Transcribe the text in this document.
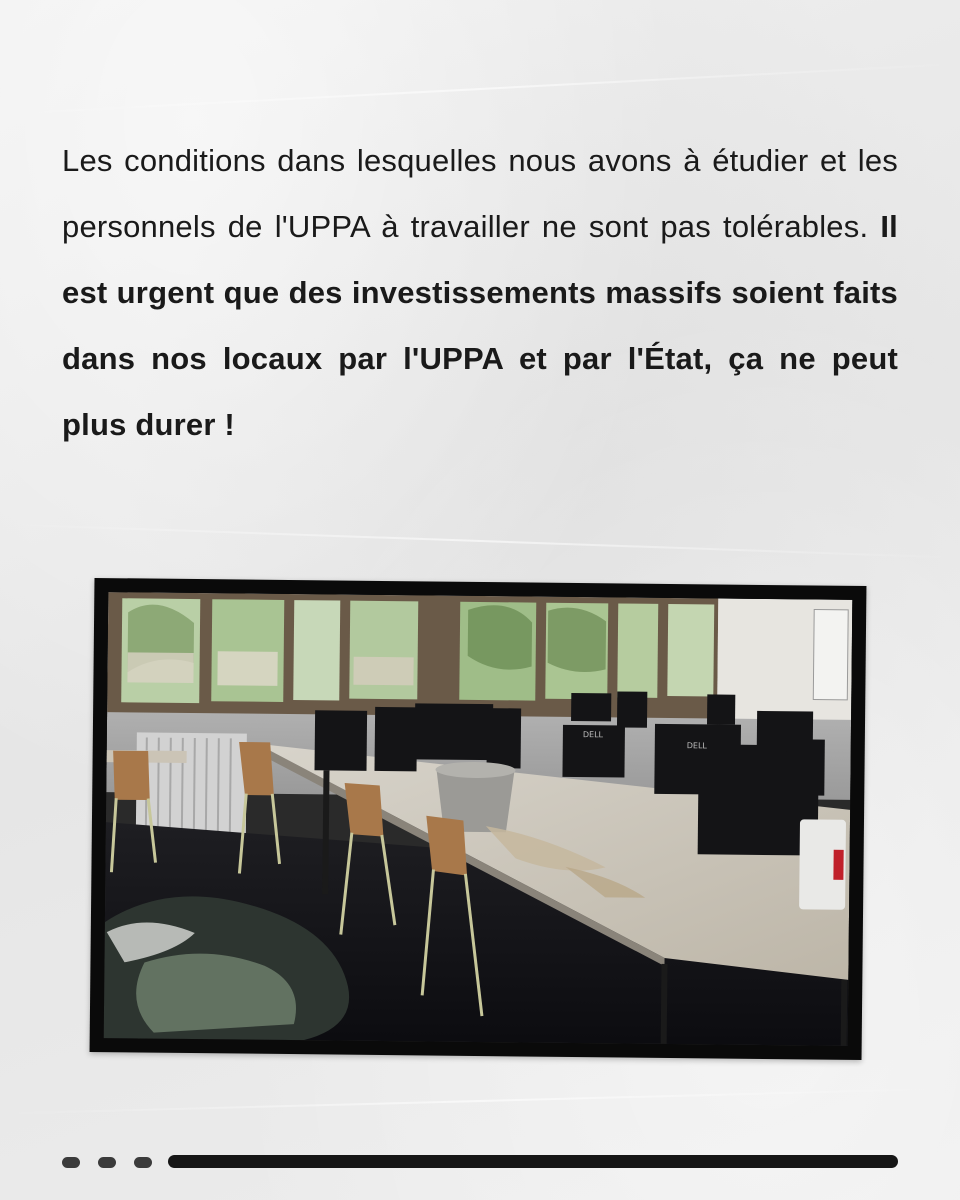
Les conditions dans lesquelles nous avons à étudier et les personnels de l'UPPA à travailler ne sont pas tolérables. Il est urgent que des investissements massifs soient faits dans nos locaux par l'UPPA et par l'État, ça ne peut plus durer !
DELL
DELL
